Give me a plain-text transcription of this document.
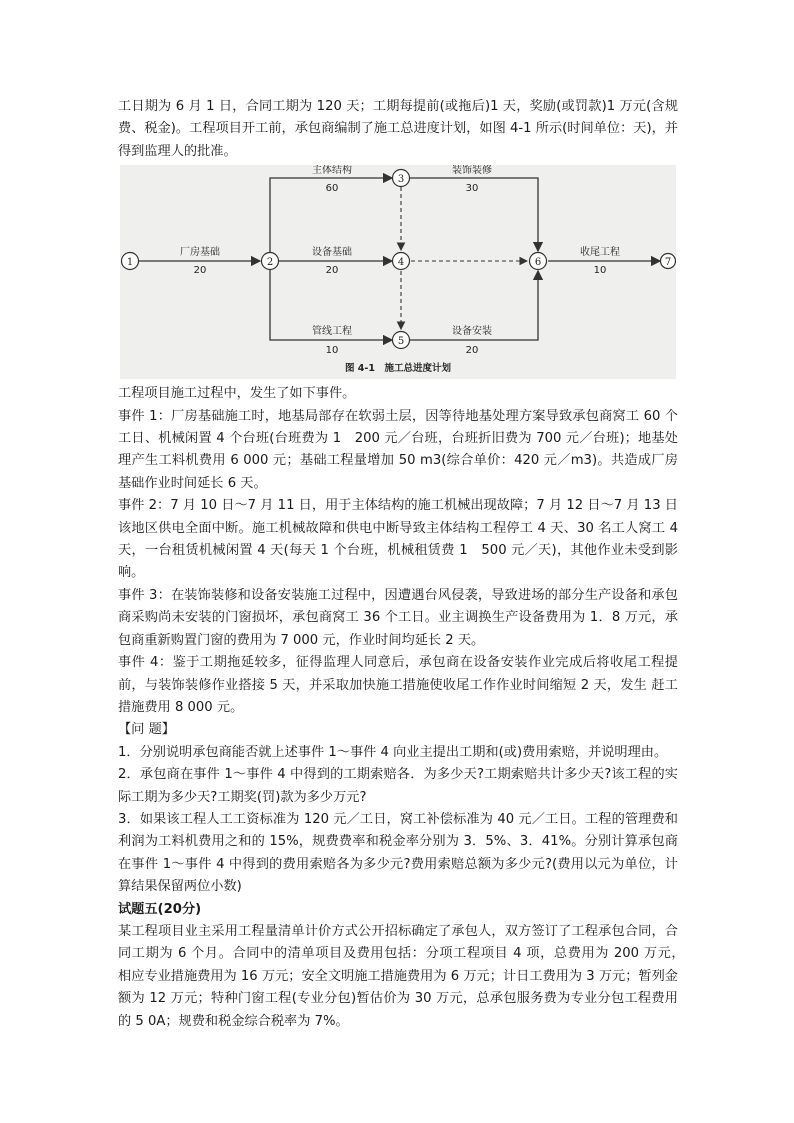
工日期为 6 月 1 日，合同工期为 120 天；工期每提前(或拖后)1 天，奖励(或罚款)1 万元(含规费、税金)。工程项目开工前，承包商编制了施工总进度计划，如图 4-1 所示(时间单位：天)，并得到监理人的批准。

1	2
3
4
5
6	7
厂房基础
20
主体结构
60
装饰装修
30
设备基础
20
管线工程
10
设备安装
20
收尾工程
10
图 4-1　施工总进度计划

工程项目施工过程中，发生了如下事件。

事件 1：厂房基础施工时，地基局部存在软弱土层，因等待地基处理方案导致承包商窝工 60 个工日、机械闲置 4 个台班(台班费为 1　200 元／台班，台班折旧费为 700 元／台班)；地基处理产生工料机费用 6 000 元；基础工程量增加 50 m3(综合单价：420 元／m3)。共造成厂房基础作业时间延长 6 天。

事件 2：7 月 10 日～7 月 11 日，用于主体结构的施工机械出现故障；7 月 12 日～7 月 13 日该地区供电全面中断。施工机械故障和供电中断导致主体结构工程停工 4 天、30 名工人窝工 4 天，一台租赁机械闲置 4 天(每天 1 个台班，机械租赁费 1　500 元／天)，其他作业未受到影响。

事件 3：在装饰装修和设备安装施工过程中，因遭遇台风侵袭，导致进场的部分生产设备和承包商采购尚未安装的门窗损坏，承包商窝工 36 个工日。业主调换生产设备费用为 1．8 万元，承包商重新购置门窗的费用为 7 000 元，作业时间均延长 2 天。

事件 4：鉴于工期拖延较多，征得监理人同意后，承包商在设备安装作业完成后将收尾工程提前，与装饰装修作业搭接 5 天，并采取加快施工措施使收尾工作作业时间缩短 2 天，发生 赶工措施费用 8 000 元。

【问 题】

1．分别说明承包商能否就上述事件 1～事件 4 向业主提出工期和(或)费用索赔，并说明理由。

2．承包商在事件 1～事件 4 中得到的工期索赔各．为多少天?工期索赔共计多少天?该工程的实际工期为多少天?工期奖(罚)款为多少万元?

3．如果该工程人工工资标准为 120 元／工日，窝工补偿标准为 40 元／工日。工程的管理费和利润为工料机费用之和的 15%，规费费率和税金率分别为 3．5%、3．41%。分别计算承包商在事件 1～事件 4 中得到的费用索赔各为多少元?费用索赔总额为多少元?(费用以元为单位，计算结果保留两位小数)

试题五(20分)

某工程项目业主采用工程量清单计价方式公开招标确定了承包人，双方签订了工程承包合同，合同工期为 6 个月。合同中的清单项目及费用包括：分项工程项目 4 项，总费用为 200 万元，　 相应专业措施费用为 16 万元；安全文明施工措施费用为 6 万元；计日工费用为 3 万元；暂列金额为 12 万元；特种门窗工程(专业分包)暂估价为 30 万元，总承包服务费为专业分包工程费用的 5 0A；规费和税金综合税率为 7%。
